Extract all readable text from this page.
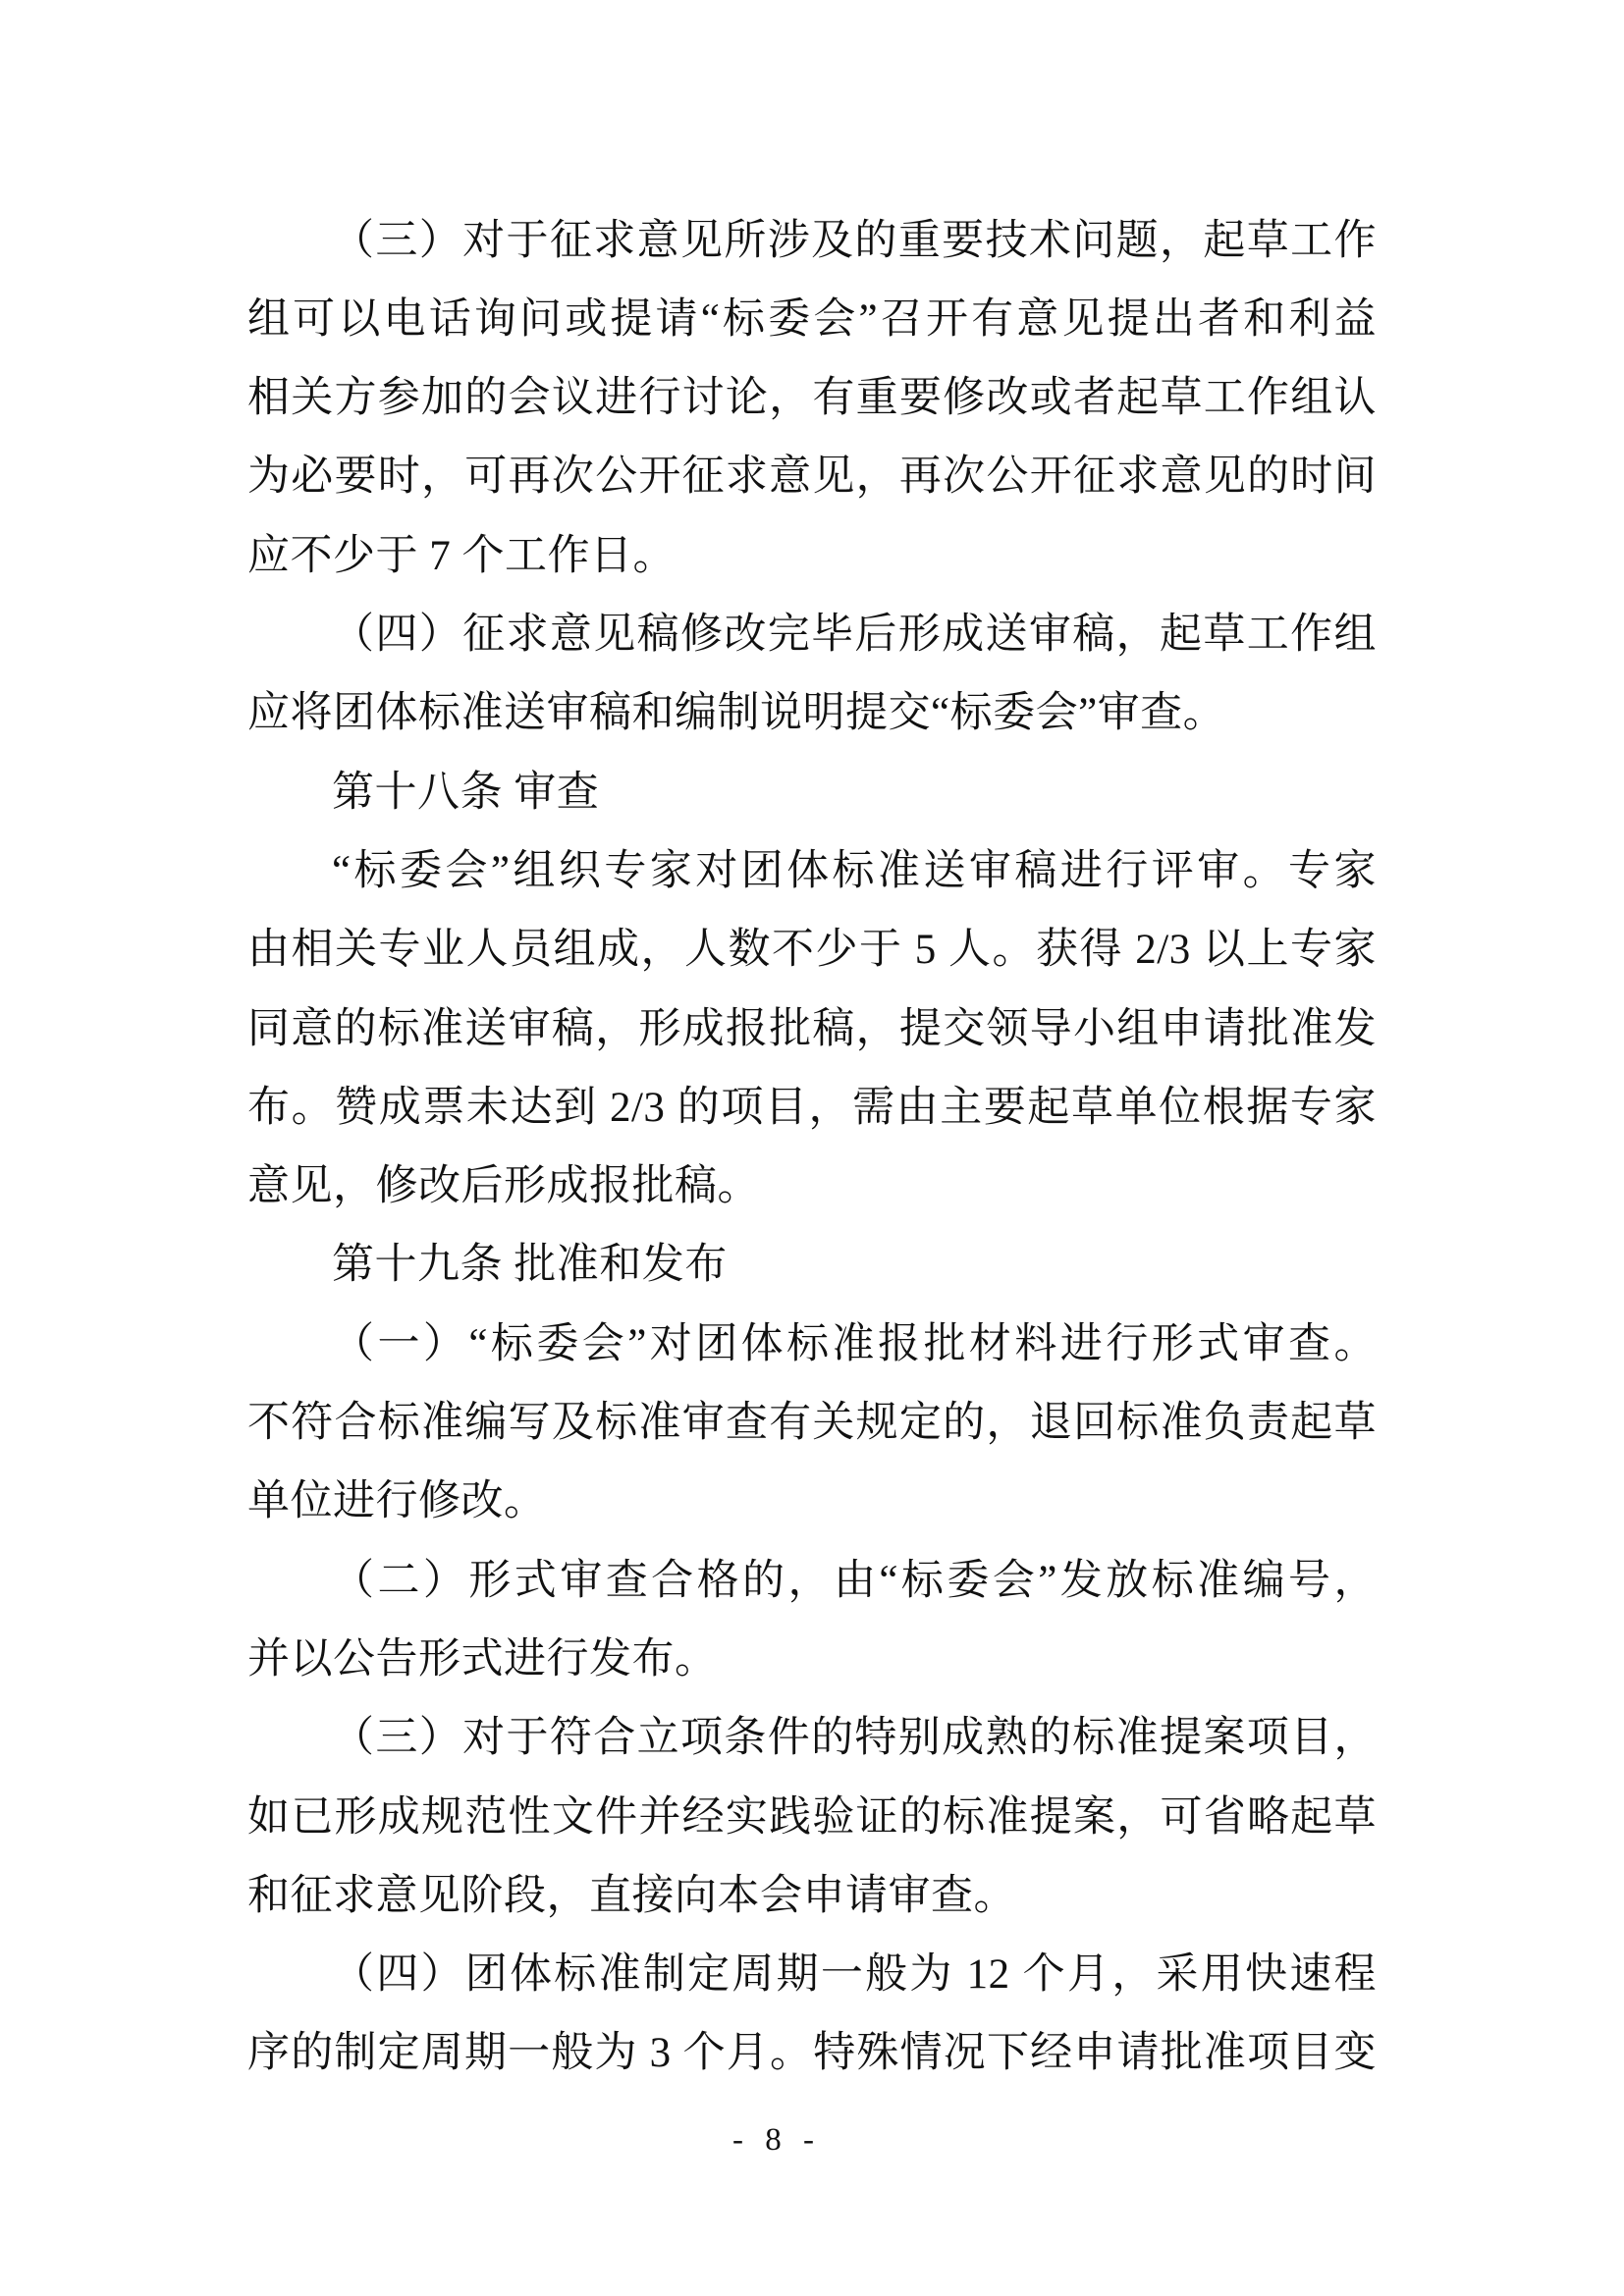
（三）对于征求意见所涉及的重要技术问题，起草工作
组可以电话询问或提请“标委会”召开有意见提出者和利益
相关方参加的会议进行讨论，有重要修改或者起草工作组认
为必要时，可再次公开征求意见，再次公开征求意见的时间
应不少于 7 个工作日。
（四）征求意见稿修改完毕后形成送审稿，起草工作组
应将团体标准送审稿和编制说明提交“标委会”审查。
第十八条 审查
“标委会”组织专家对团体标准送审稿进行评审。专家
由相关专业人员组成，人数不少于 5 人。获得 2/3 以上专家
同意的标准送审稿，形成报批稿，提交领导小组申请批准发
布。赞成票未达到 2/3 的项目，需由主要起草单位根据专家
意见，修改后形成报批稿。
第十九条 批准和发布
（一）“标委会”对团体标准报批材料进行形式审查。
不符合标准编写及标准审查有关规定的，退回标准负责起草
单位进行修改。
（二）形式审查合格的，由“标委会”发放标准编号，
并以公告形式进行发布。
（三）对于符合立项条件的特别成熟的标准提案项目，
如已形成规范性文件并经实践验证的标准提案，可省略起草
和征求意见阶段，直接向本会申请审查。
（四）团体标准制定周期一般为 12 个月，采用快速程
序的制定周期一般为 3 个月。特殊情况下经申请批准项目变
- 8 -
